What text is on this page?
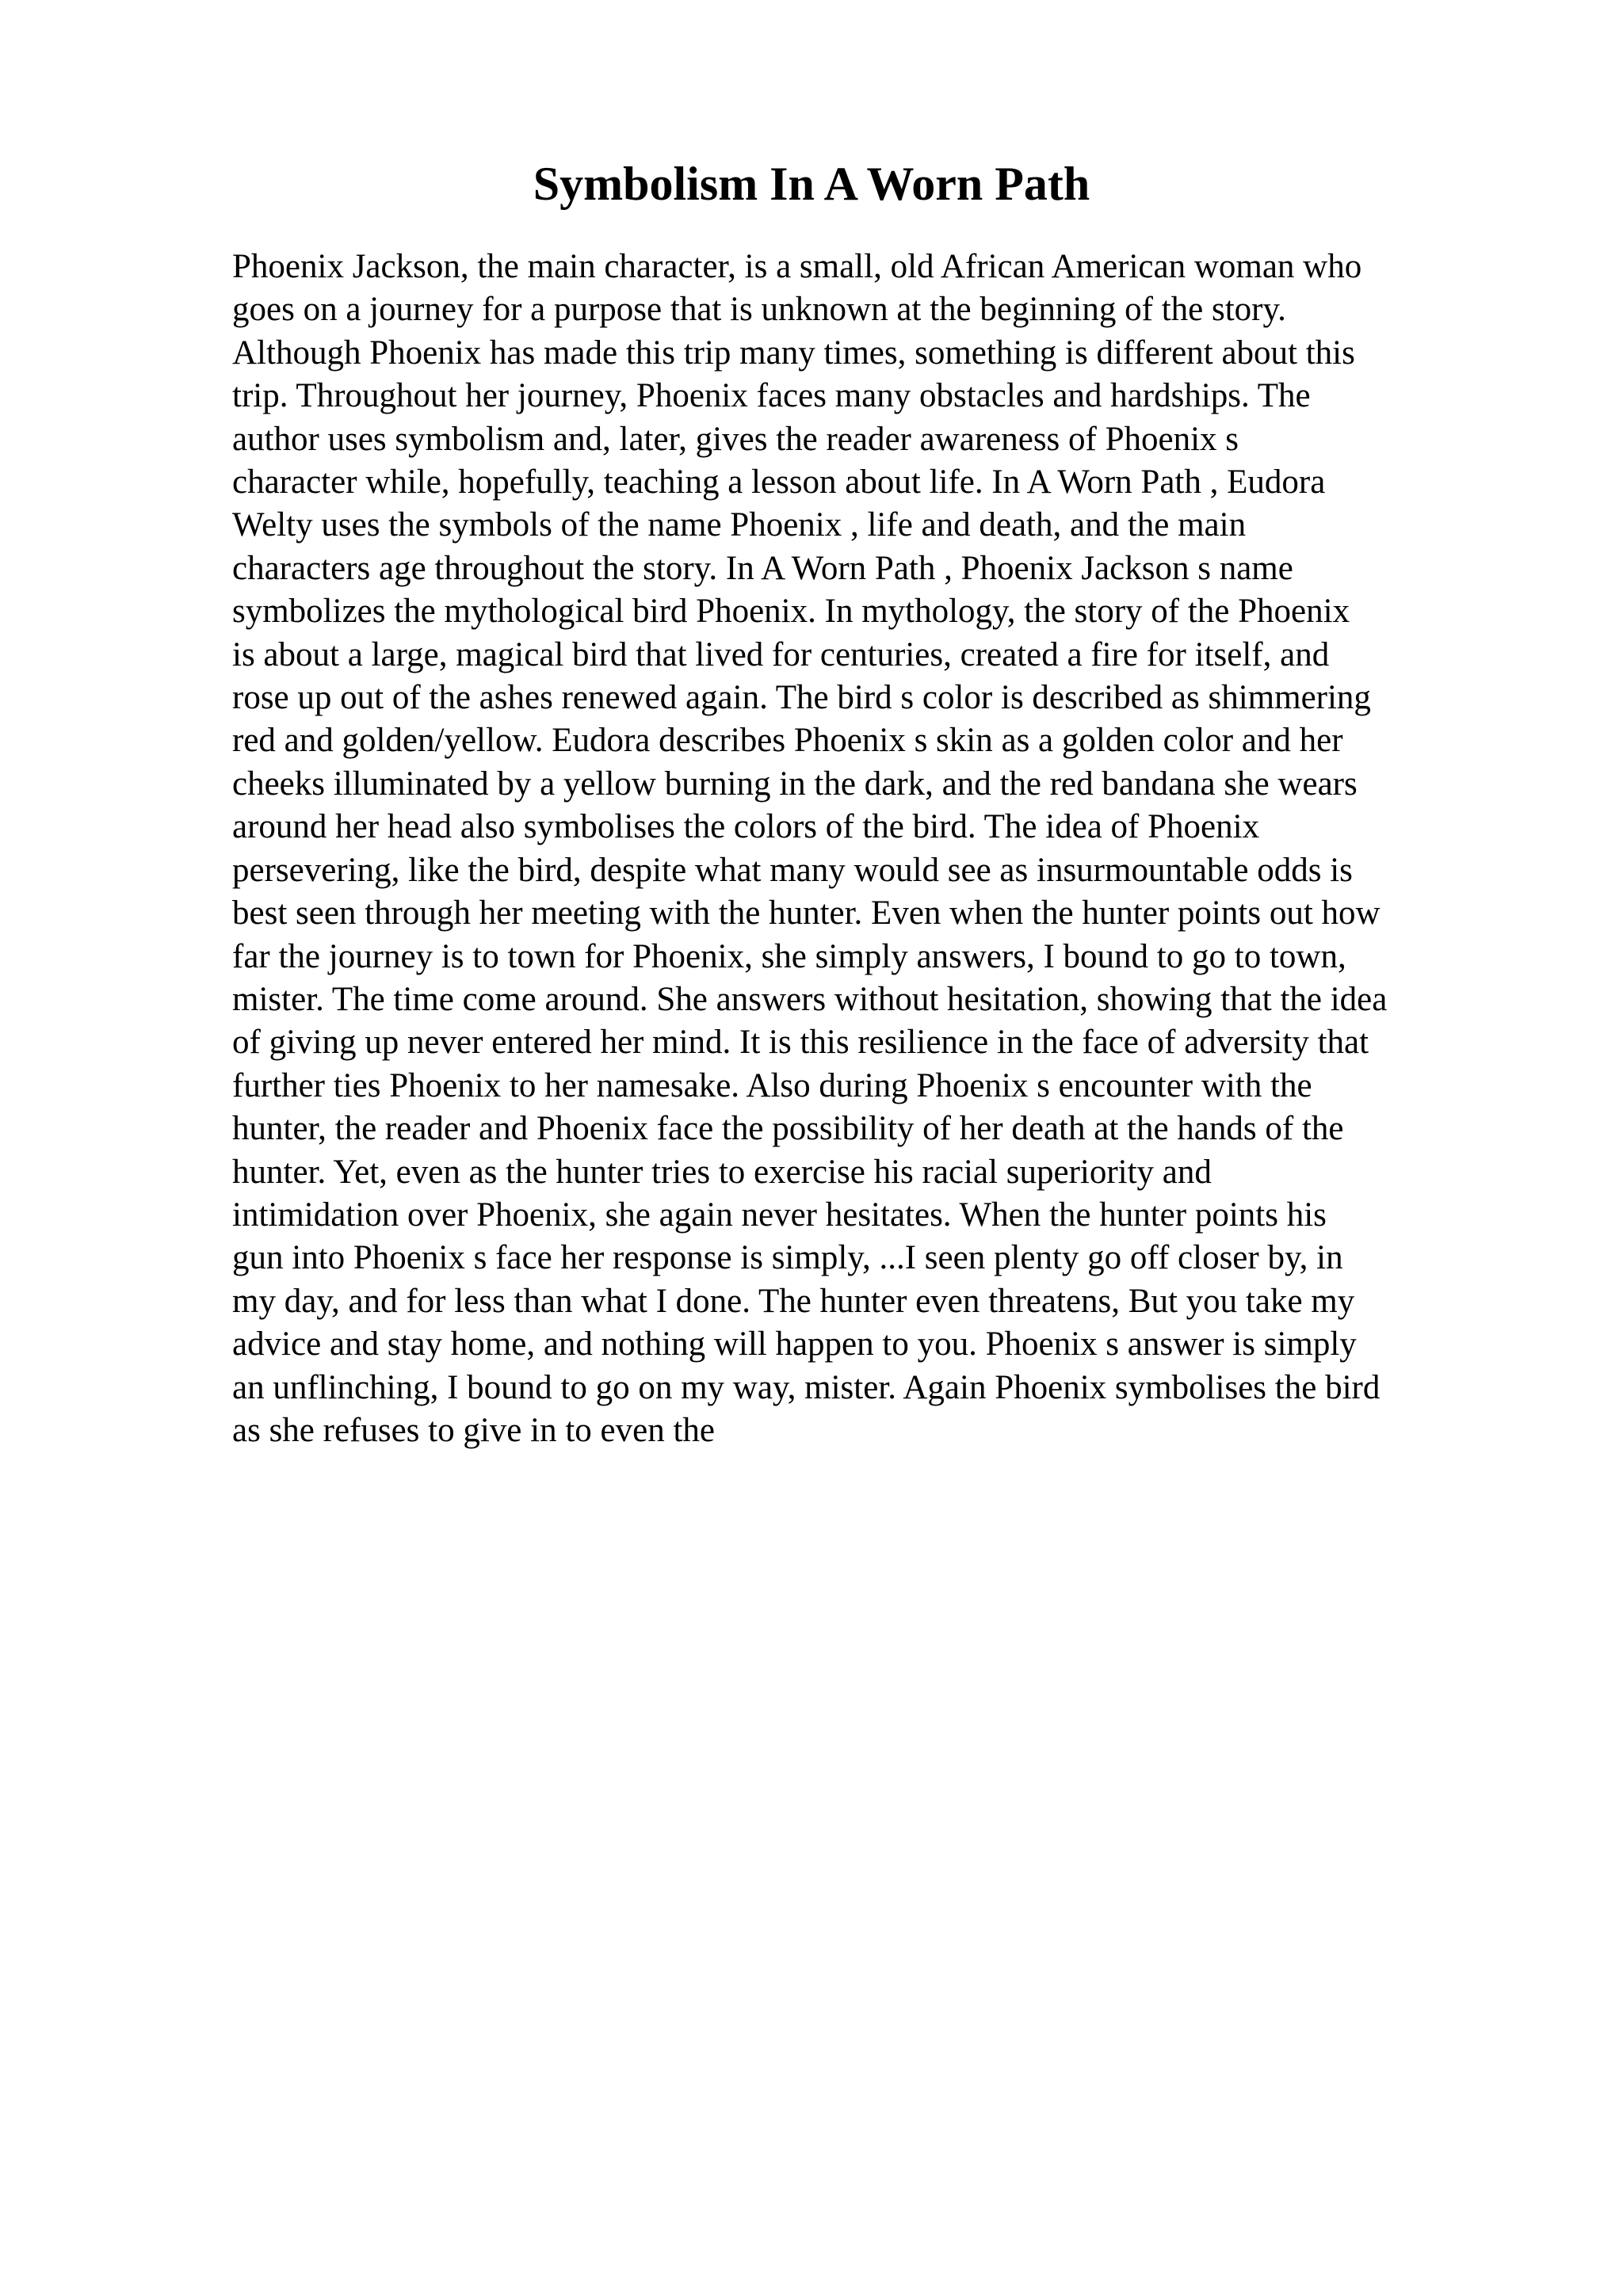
Symbolism In A Worn Path
Phoenix Jackson, the main character, is a small, old African American woman who
goes on a journey for a purpose that is unknown at the beginning of the story.
Although Phoenix has made this trip many times, something is different about this
trip. Throughout her journey, Phoenix faces many obstacles and hardships. The
author uses symbolism and, later, gives the reader awareness of Phoenix s
character while, hopefully, teaching a lesson about life. In A Worn Path , Eudora
Welty uses the symbols of the name Phoenix , life and death, and the main
characters age throughout the story. In A Worn Path , Phoenix Jackson s name
symbolizes the mythological bird Phoenix. In mythology, the story of the Phoenix
is about a large, magical bird that lived for centuries, created a fire for itself, and
rose up out of the ashes renewed again. The bird s color is described as shimmering
red and golden/yellow. Eudora describes Phoenix s skin as a golden color and her
cheeks illuminated by a yellow burning in the dark, and the red bandana she wears
around her head also symbolises the colors of the bird. The idea of Phoenix
persevering, like the bird, despite what many would see as insurmountable odds is
best seen through her meeting with the hunter. Even when the hunter points out how
far the journey is to town for Phoenix, she simply answers, I bound to go to town,
mister. The time come around. She answers without hesitation, showing that the idea
of giving up never entered her mind. It is this resilience in the face of adversity that
further ties Phoenix to her namesake. Also during Phoenix s encounter with the
hunter, the reader and Phoenix face the possibility of her death at the hands of the
hunter. Yet, even as the hunter tries to exercise his racial superiority and
intimidation over Phoenix, she again never hesitates. When the hunter points his
gun into Phoenix s face her response is simply, ...I seen plenty go off closer by, in
my day, and for less than what I done. The hunter even threatens, But you take my
advice and stay home, and nothing will happen to you. Phoenix s answer is simply
an unflinching, I bound to go on my way, mister. Again Phoenix symbolises the bird
as she refuses to give in to even the
